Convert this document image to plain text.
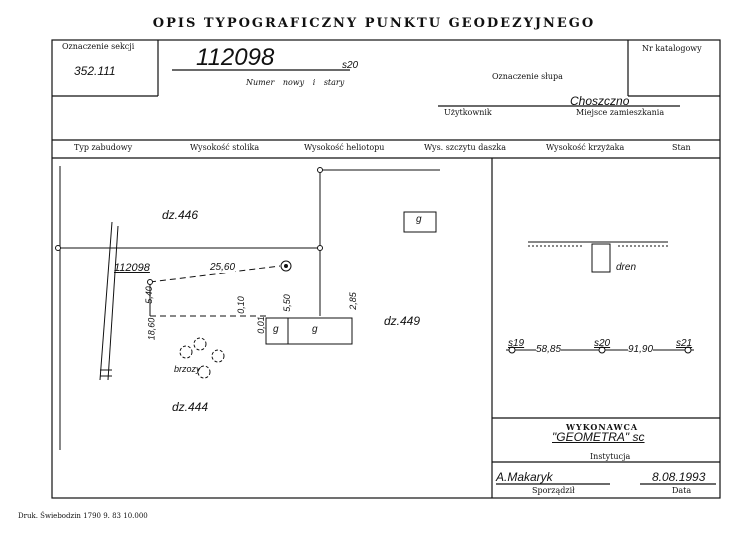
OPIS TYPOGRAFICZNY PUNKTU GEODEZYJNEGO
Oznaczenie sekcji	Nr katalogowy
352.111	112098	s20
Numer nowy i stary
Oznaczenie słupa
Choszczno
Użytkownik	Miejsce zamieszkania
Typ zabudowy	Wysokość stolika	Wysokość heliotopu	Wys. szczytu daszka	Wysokość krzyżaka	Stan
dz.446
dz.449
dz.444
112098	25,60
5,40
18,60
0,10	5,50	2,85
0,01 g	g
g
brzozy
dren
s19
58,85
s20
91,90
s21
WYKONAWCA
"GEOMETRA" sc
Instytucja
A.Makaryk	8.08.1993
Sporządził	Data
Druk. Świebodzin 1790 9. 83 10.000
